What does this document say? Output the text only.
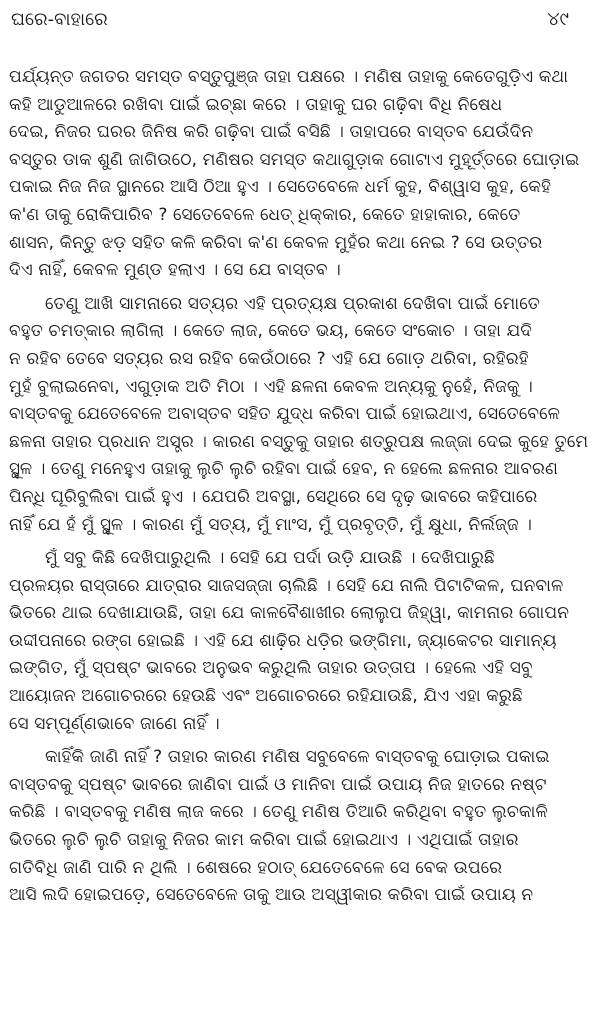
ଘରେ-ବାହାରେ	୪୯
ପର୍ଯ୍ୟନ୍ତ ଜଗତର ସମସ୍ତ ବସ୍ତୁପୁଞ୍ଜ ତାହା ପକ୍ଷରେ । ମଣିଷ ତାହାକୁ କେତେଗୁଡ଼ିଏ କଥା
କହି ଆଡୁଆଳରେ ରଖିବା ପାଇଁ ଇଚ୍ଛା କରେ । ତାହାକୁ ଘର ଗଢ଼ିବା ବିଧି ନିଷେଧ
ଦେଇ, ନିଜର ଘରର ଜିନିଷ କରି ଗଢ଼ିବା ପାଇଁ ବସିଛି । ତାହାପରେ ବାସ୍ତବ ଯେଉଁଦିନ
ବସ୍ତୁର ଡାକ ଶୁଣି ଜାଗିଉଠେ, ମଣିଷର ସମସ୍ତ କଥାଗୁଡ଼ାକ ଗୋଟାଏ ମୁହୂର୍ତ୍ତରେ ଘୋଡ଼ାଇ
ପକାଇ ନିଜ ନିଜ ସ୍ଥାନରେ ଆସି ଠିଆ ହୁଏ । ସେତେବେଳେ ଧର୍ମ କୁହ, ବିଶ୍ୱାସ କୁହ, କେହି
କ'ଣ ତାକୁ ରୋକିପାରିବ ? ସେତେବେଳେ ଧେତ୍ ଧିକ୍କାର, କେତେ ହାହାକାର, କେତେ
ଶାସନ, କିନ୍ତୁ ଝଡ଼ ସହିତ କଳି କରିବା କ'ଣ କେବଳ ମୁହଁର କଥା ନେଇ ? ସେ ଉତ୍ତର
ଦିଏ ନାହିଁ, କେବଳ ମୁଣ୍ଡ ହଲାଏ । ସେ ଯେ ବାସ୍ତବ ।
ତେଣୁ ଆଖି ସାମନାରେ ସତ୍ୟର ଏହି ପ୍ରତ୍ୟକ୍ଷ ପ୍ରକାଶ ଦେଖିବା ପାଇଁ ମୋତେ
ବହୁତ ଚମତ୍କାର ଲାଗିଲା । କେତେ ଲାଜ, କେତେ ଭୟ, କେତେ ସଂକୋଚ । ତାହା ଯଦି
ନ ରହିବ ତେବେ ସତ୍ୟର ରସ ରହିବ କେଉଁଠାରେ ? ଏହି ଯେ ଗୋଡ଼ ଥରିବା, ରହିରହି
ମୁହଁ ବୁଲାଇନେବା, ଏଗୁଡ଼ାକ ଅତି ମିଠା । ଏହି ଛଳନା କେବଳ ଅନ୍ୟକୁ ନୁହେଁ, ନିଜକୁ ।
ବାସ୍ତବକୁ ଯେତେବେଳେ ଅବାସ୍ତବ ସହିତ ଯୁଦ୍ଧ କରିବା ପାଇଁ ହୋଇଥାଏ, ସେତେବେଳେ
ଛଳନା ତାହାର ପ୍ରଧାନ ଅସ୍ତ୍ର । କାରଣ ବସ୍ତୁକୁ ତାହାର ଶତ୍ରୁପକ୍ଷ ଲଜ୍ଜା ଦେଇ କୁହେ ତୁମେ
ସ୍ଥୂଳ । ତେଣୁ ମନେହୁଏ ତାହାକୁ ଲୁଚି ଲୁଚି ରହିବା ପାଇଁ ହେବ, ନ ହେଲେ ଛଳନାର ଆବରଣ
ପିନ୍ଧି ଘୂରିବୁଲିବା ପାଇଁ ହୁଏ । ଯେପରି ଅବସ୍ଥା, ସେଥିରେ ସେ ଦୃଢ଼ ଭାବରେ କହିପାରେ
ନାହିଁ ଯେ ହଁ ମୁଁ ସ୍ଥୂଳ । କାରଣ ମୁଁ ସତ୍ୟ, ମୁଁ ମାଂସ, ମୁଁ ପ୍ରବୃତ୍ତି, ମୁଁ କ୍ଷୁଧା, ନିର୍ଲଜ୍ଜ ।
ମୁଁ ସବୁ କିଛି ଦେଖିପାରୁଥିଲି । ସେହି ଯେ ପର୍ଦା ଉଡ଼ି ଯାଉଛି । ଦେଖିପାରୁଛି
ପ୍ରଳୟର ରାସ୍ତାରେ ଯାତ୍ରାର ସାଜସଜ୍ଜା ଚାଲିଛି । ସେହି ଯେ ନାଲି ପିଟାଟିକଳ, ଘନବାଳ
ଭିତରେ ଥାଇ ଦେଖାଯାଉଛି, ତାହା ଯେ କାଳବୈଶାଖୀର ଲୋଲୁପ ଜିହ୍ୱା, କାମନାର ଗୋପନ
ଉଦ୍ଦୀପନାରେ ରଙ୍ଗ ହୋଇଛି । ଏହି ଯେ ଶାଢ଼ିର ଧଡ଼ିର ଭଙ୍ଗିମା, ଜ୍ୟାକେଟର ସାମାନ୍ୟ
ଇଙ୍ଗିତ, ମୁଁ ସ୍ପଷ୍ଟ ଭାବରେ ଅନୁଭବ କରୁଥିଲି ତାହାର ଉତ୍ତାପ । ହେଲେ ଏହି ସବୁ
ଆୟୋଜନ ଅଗୋଚରରେ ହେଉଛି ଏବଂ ଅଗୋଚରରେ ରହିଯାଉଛି, ଯିଏ ଏହା କରୁଛି
ସେ ସମ୍ପୂର୍ଣ୍ଣଭାବେ ଜାଣେ ନାହିଁ ।
କାହିଁକି ଜାଣି ନାହିଁ ? ତାହାର କାରଣ ମଣିଷ ସବୁବେଳେ ବାସ୍ତବକୁ ଘୋଡ଼ାଇ ପକାଇ
ବାସ୍ତବକୁ ସ୍ପଷ୍ଟ ଭାବରେ ଜାଣିବା ପାଇଁ ଓ ମାନିବା ପାଇଁ ଉପାୟ ନିଜ ହାତରେ ନଷ୍ଟ
କରିଛି । ବାସ୍ତବକୁ ମଣିଷ ଲାଜ କରେ । ତେଣୁ ମଣିଷ ତିଆରି କରିଥିବା ବହୁତ ଲୁଚକାଳି
ଭିତରେ ଲୁଚି ଲୁଚି ତାହାକୁ ନିଜର କାମ କରିବା ପାଇଁ ହୋଇଥାଏ । ଏଥିପାଇଁ ତାହାର
ଗତିବିଧି ଜାଣି ପାରି ନ ଥିଲି । ଶେଷରେ ହଠାତ୍ ଯେତେବେଳେ ସେ ବେକ ଉପରେ
ଆସି ଲଦି ହୋଇପଡ଼େ, ସେତେବେଳେ ତାକୁ ଆଉ ଅସ୍ୱୀକାର କରିବା ପାଇଁ ଉପାୟ ନ
